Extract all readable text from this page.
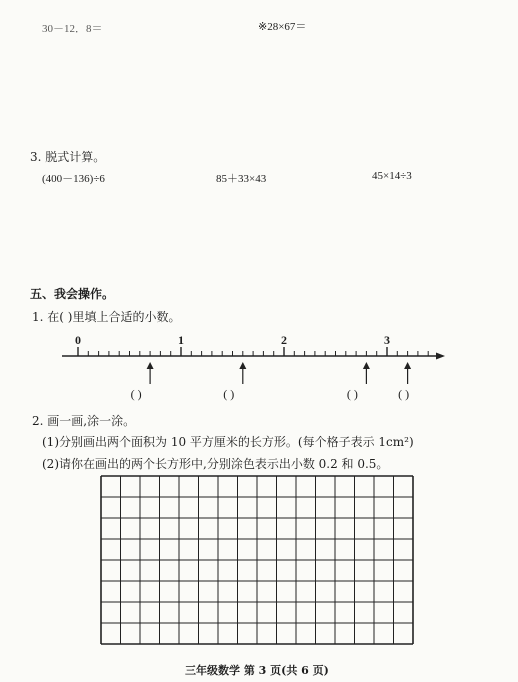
30－12．8＝	※28×67＝
3. 脱式计算。
(400－136)÷6	85＋33×43	45×14÷3
五、我会操作。
1. 在( )里填上合适的小数。
0	1	2	3
( )	( )	( )	( )
2. 画一画,涂一涂。
(1)分别画出两个面积为 10 平方厘米的长方形。(每个格子表示 1cm²)
(2)请你在画出的两个长方形中,分别涂色表示出小数 0.2 和 0.5。
三年级数学 第 3 页(共 6 页)
